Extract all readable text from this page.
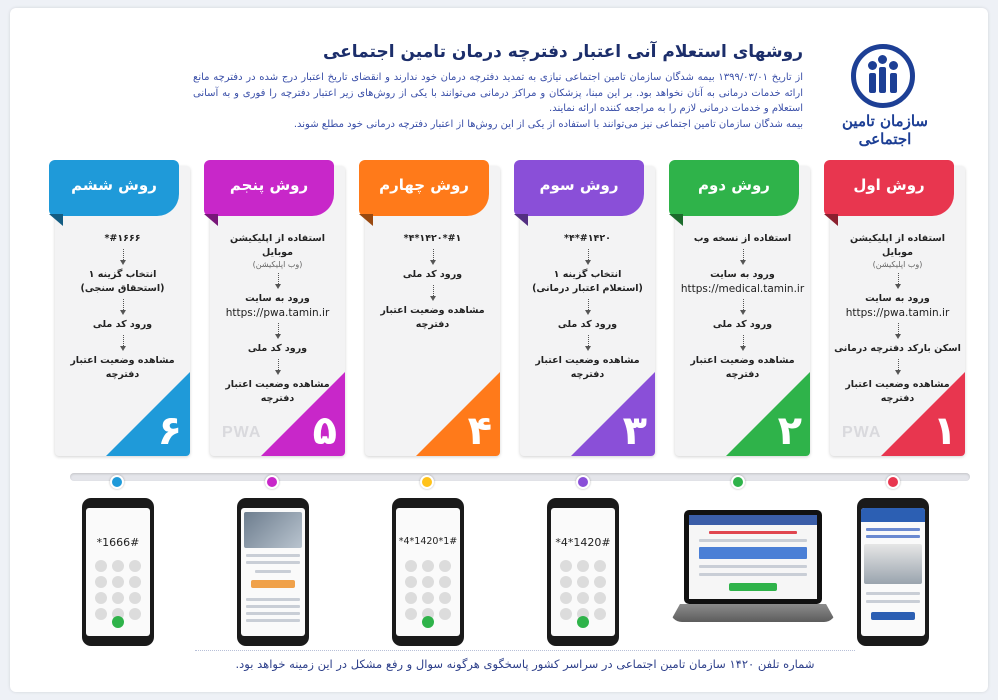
سازمان تامین اجتماعی
روشهای استعلام آنی اعتبار دفترچه درمان تامین اجتماعی

از تاریخ ۱۳۹۹/۰۳/۰۱ بیمه شدگان سازمان تامین اجتماعی نیازی به تمدید دفترچه درمان خود ندارند و انقضای تاریخ اعتبار درج شده در دفترچه مانع ارائه خدمات درمانی به آنان نخواهد بود. بر این مبنا، پزشکان و مراکز درمانی می‌توانند با یکی از روش‌های زیر اعتبار دفترچه را فوری و به آسانی استعلام و خدمات درمانی لازم را به مراجعه کننده ارائه نمایند.

بیمه شدگان سازمان تامین اجتماعی نیز می‌توانند با استفاده از یکی از این روش‌ها از اعتبار دفترچه درمانی خود مطلع شوند.

روش اول
استفاده از اپلیکیشن موبایل
(وب اپلیکیشن)
ورود به سایت
https://pwa.tamin.ir
اسکن بارکد دفترچه درمانی
مشاهده وضعیت اعتبار دفترچه
PWA ۱
روش دوم
استفاده از نسخه وب
ورود به سایت
https://medical.tamin.ir
ورود کد ملی
مشاهده وضعیت اعتبار دفترچه
۲
روش سوم
#۱۴۲۰*۴*
انتخاب گزینه ۱
(استعلام اعتبار درمانی)
ورود کد ملی
مشاهده وضعیت اعتبار دفترچه
۳
روش چهارم
#۱*۱۴۲۰*۴*
ورود کد ملی
مشاهده وضعیت اعتبار دفترچه
۴
روش پنجم
استفاده از اپلیکیشن موبایل
(وب اپلیکیشن)
ورود به سایت
https://pwa.tamin.ir
ورود کد ملی
مشاهده وضعیت اعتبار دفترچه
PWA ۵
روش ششم
#۱۶۶۶*
انتخاب گزینه ۱
(استحقاق سنجی)
ورود کد ملی
مشاهده وضعیت اعتبار دفترچه
۶
*4*1420#
*4*1420*1#
*1666#
شماره تلفن ۱۴۲۰ سازمان تامین اجتماعی در سراسر کشور پاسخگوی هرگونه سوال و رفع مشکل در این زمینه خواهد بود.
